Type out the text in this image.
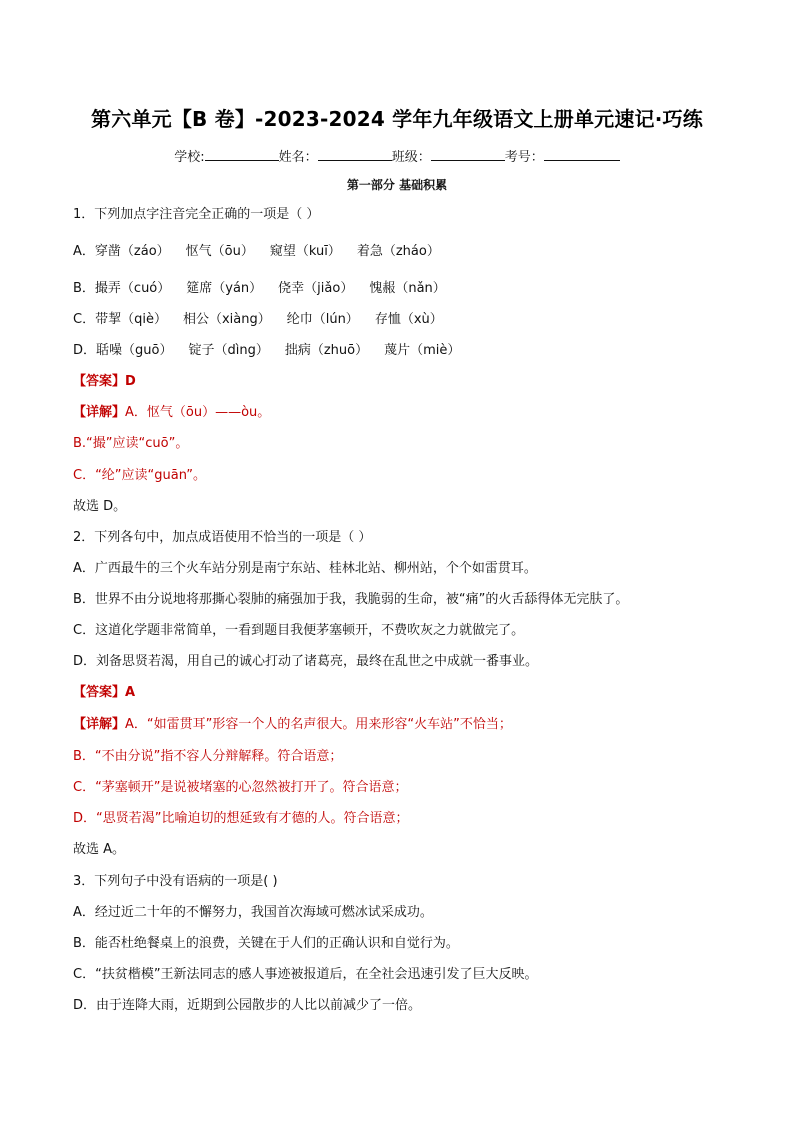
第六单元【B 卷】-2023-2024 学年九年级语文上册单元速记·巧练
学校:	姓名：	班级：	考号：
第一部分 基础积累
1．下列加点字注音完全正确的一项是（ ）
A．穿凿（záo） 怄气（ōu） 窥望（kuī） 着急（zháo）
B．撮弄（cuó） 筵席（yán） 侥幸（jiǎo） 愧赧（nǎn）
C．带挈（qiè） 相公（xiàng） 纶巾（lún） 存恤（xù）
D．聒噪（guō） 锭子（dìng） 拙病（zhuō） 蔑片（miè）
【答案】D
【详解】A．怄气（ōu）——òu。
B.“撮”应读“cuō”。
C．“纶”应读“guān”。
故选 D。
2．下列各句中，加点成语使用不恰当的一项是（ ）
A．广西最牛的三个火车站分别是南宁东站、桂林北站、柳州站，个个如雷贯耳。
B．世界不由分说地将那撕心裂肺的痛强加于我，我脆弱的生命，被“痛”的火舌舔得体无完肤了。
C．这道化学题非常简单，一看到题目我便茅塞顿开，不费吹灰之力就做完了。
D．刘备思贤若渴，用自己的诚心打动了诸葛亮，最终在乱世之中成就一番事业。
【答案】A
【详解】A．“如雷贯耳”形容一个人的名声很大。用来形容“火车站”不恰当；
B．“不由分说”指不容人分辩解释。符合语意；
C．“茅塞顿开”是说被堵塞的心忽然被打开了。符合语意；
D．“思贤若渴”比喻迫切的想延致有才德的人。符合语意；
故选 A。
3．下列句子中没有语病的一项是( )
A．经过近二十年的不懈努力，我国首次海域可燃冰试采成功。
B．能否杜绝餐桌上的浪费，关键在于人们的正确认识和自觉行为。
C．“扶贫楷模”王新法同志的感人事迹被报道后，在全社会迅速引发了巨大反映。
D．由于连降大雨，近期到公园散步的人比以前减少了一倍。
